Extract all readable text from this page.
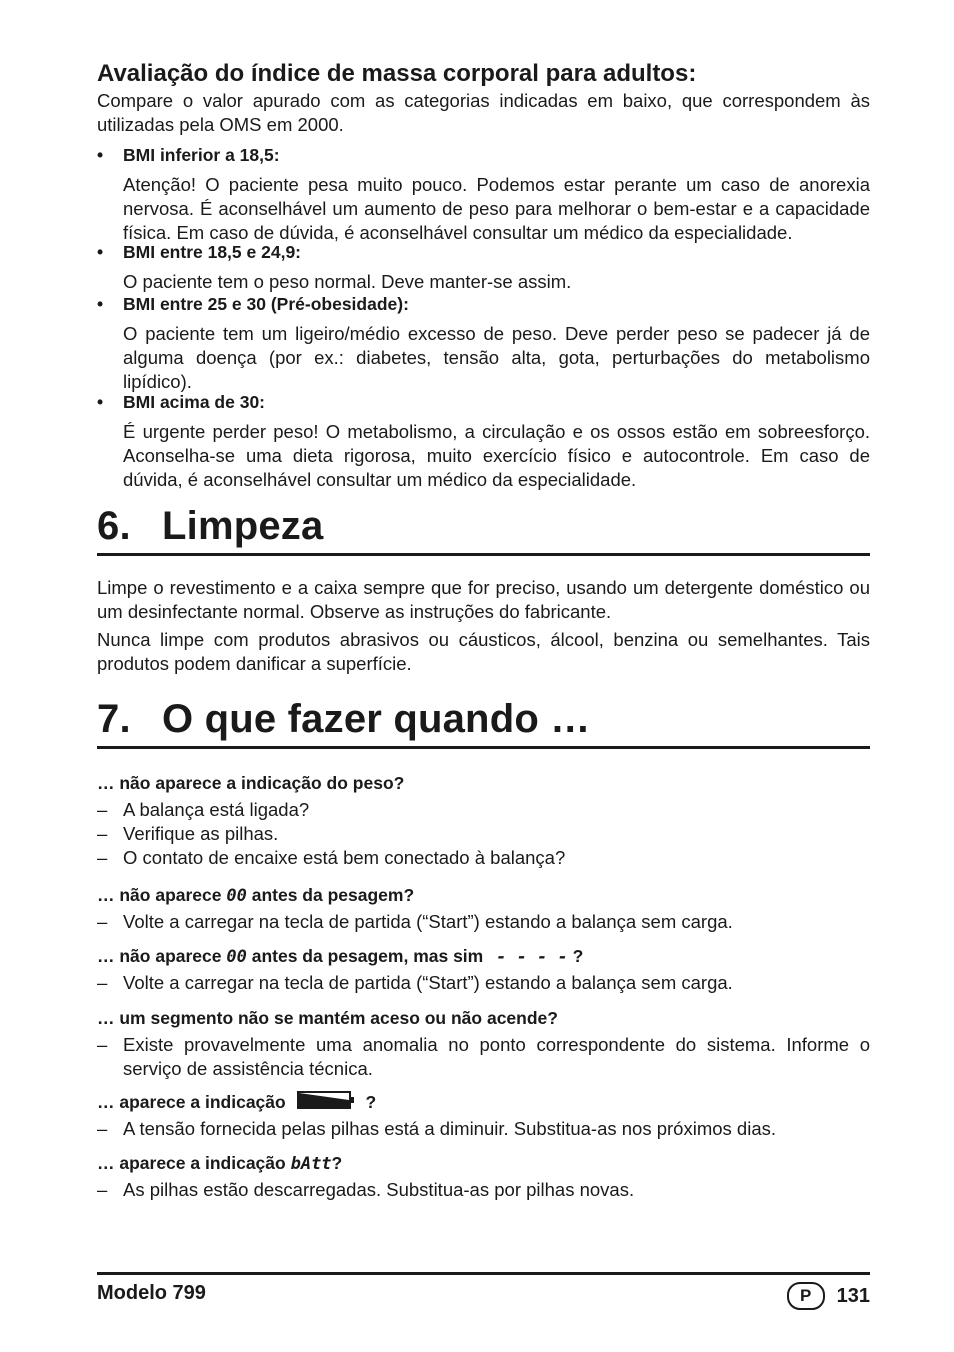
Avaliação do índice de massa corporal para adultos:

Compare o valor apurado com as categorias indicadas em baixo, que correspondem às utilizadas pela OMS em 2000.

• BMI inferior a 18,5:

Atenção! O paciente pesa muito pouco. Podemos estar perante um caso de anorexia nervosa. É aconselhável um aumento de peso para melhorar o bem-estar e a capacidade física. Em caso de dúvida, é aconselhável consultar um médico da especialidade.

• BMI entre 18,5 e 24,9:

O paciente tem o peso normal. Deve manter-se assim.

• BMI entre 25 e 30 (Pré-obesidade):

O paciente tem um ligeiro/médio excesso de peso. Deve perder peso se padecer já de alguma doença (por ex.: diabetes, tensão alta, gota, perturbações do metabolismo lipídico).

• BMI acima de 30:

É urgente perder peso! O metabolismo, a circulação e os ossos estão em sobreesforço. Aconselha-se uma dieta rigorosa, muito exercício físico e autocontrole. Em caso de dúvida, é aconselhável consultar um médico da especialidade.

6. Limpeza

Limpe o revestimento e a caixa sempre que for preciso, usando um detergente doméstico ou um desinfectante normal. Observe as instruções do fabricante.

Nunca limpe com produtos abrasivos ou cáusticos, álcool, benzina ou semelhantes. Tais produtos podem danificar a superfície.

7. O que fazer quando …
… não aparece a indicação do peso?
– A balança está ligada?
– Verifique as pilhas.
– O contato de encaixe está bem conectado à balança?
… não aparece 00 antes da pesagem?
– Volte a carregar na tecla de partida (“Start”) estando a balança sem carga.
… não aparece 00 antes da pesagem, mas sim - - - - ?
– Volte a carregar na tecla de partida (“Start”) estando a balança sem carga.
… um segmento não se mantém aceso ou não acende?
– Existe provavelmente uma anomalia no ponto correspondente do sistema. Informe o serviço de assistência técnica.
… aparece a indicação	?
– A tensão fornecida pelas pilhas está a diminuir. Substitua-as nos próximos dias.
… aparece a indicação bAtt?
– As pilhas estão descarregadas. Substitua-as por pilhas novas.
Modelo 799	P	131
